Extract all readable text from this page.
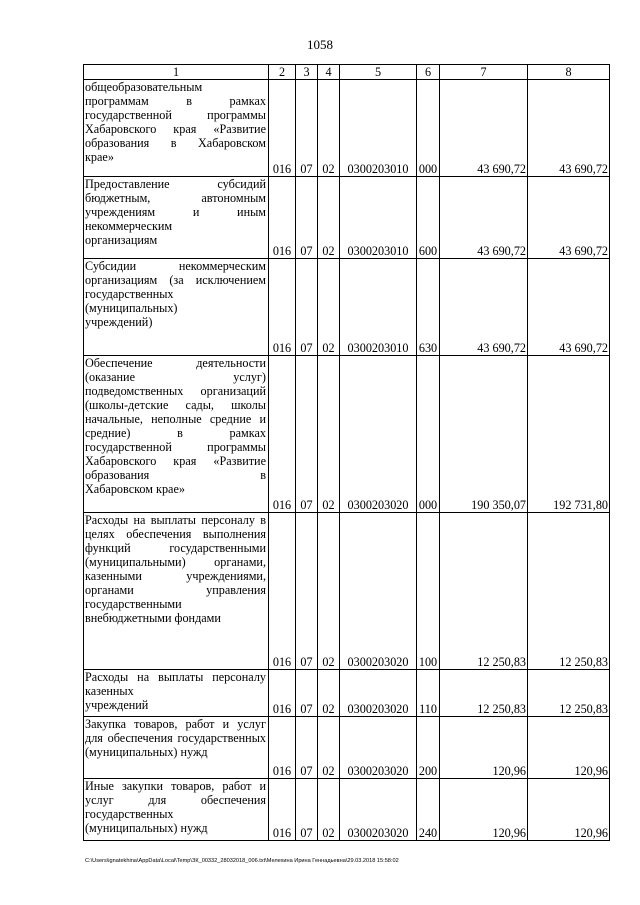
1058
1	2	3	4	5	6	7	8
общеобразовательным программам в рамках государственной программы Хабаровского края «Развитие образования в Хабаровском
крае»	016	07	02	0300203010	000	43 690,72	43 690,72
Предоставление субсидий бюджетным, автономным учреждениям и иным некоммерческим
организациям	016	07	02	0300203010	600	43 690,72	43 690,72
Субсидии некоммерческим организациям (за исключением государственных (муниципальных)
учреждений)	016	07	02	0300203010	630	43 690,72	43 690,72
Обеспечение деятельности (оказание услуг) подведомственных организаций (школы-детские сады, школы начальные, неполные средние и средние) в рамках государственной программы Хабаровского края «Развитие образования в
Хабаровском крае»	016	07	02	0300203020	000	190 350,07	192 731,80
Расходы на выплаты персоналу в целях обеспечения выполнения функций государственными (муниципальными) органами, казенными учреждениями, органами управления государственными
внебюджетными фондами	016	07	02	0300203020	100	12 250,83	12 250,83
Расходы на выплаты персоналу казенных
учреждений	016	07	02	0300203020	110	12 250,83	12 250,83
Закупка товаров, работ и услуг для обеспечения государственных
(муниципальных) нужд	016	07	02	0300203020	200	120,96	120,96
Иные закупки товаров, работ и услуг для обеспечения государственных
(муниципальных) нужд	016	07	02	0300203020	240	120,96	120,96
C:\Users\ignatekhina\AppData\Local\Temp\ЗК_00332_28032018_006.txt\Мелехина Ирина Геннадьевна\29.03.2018 15:58:02
